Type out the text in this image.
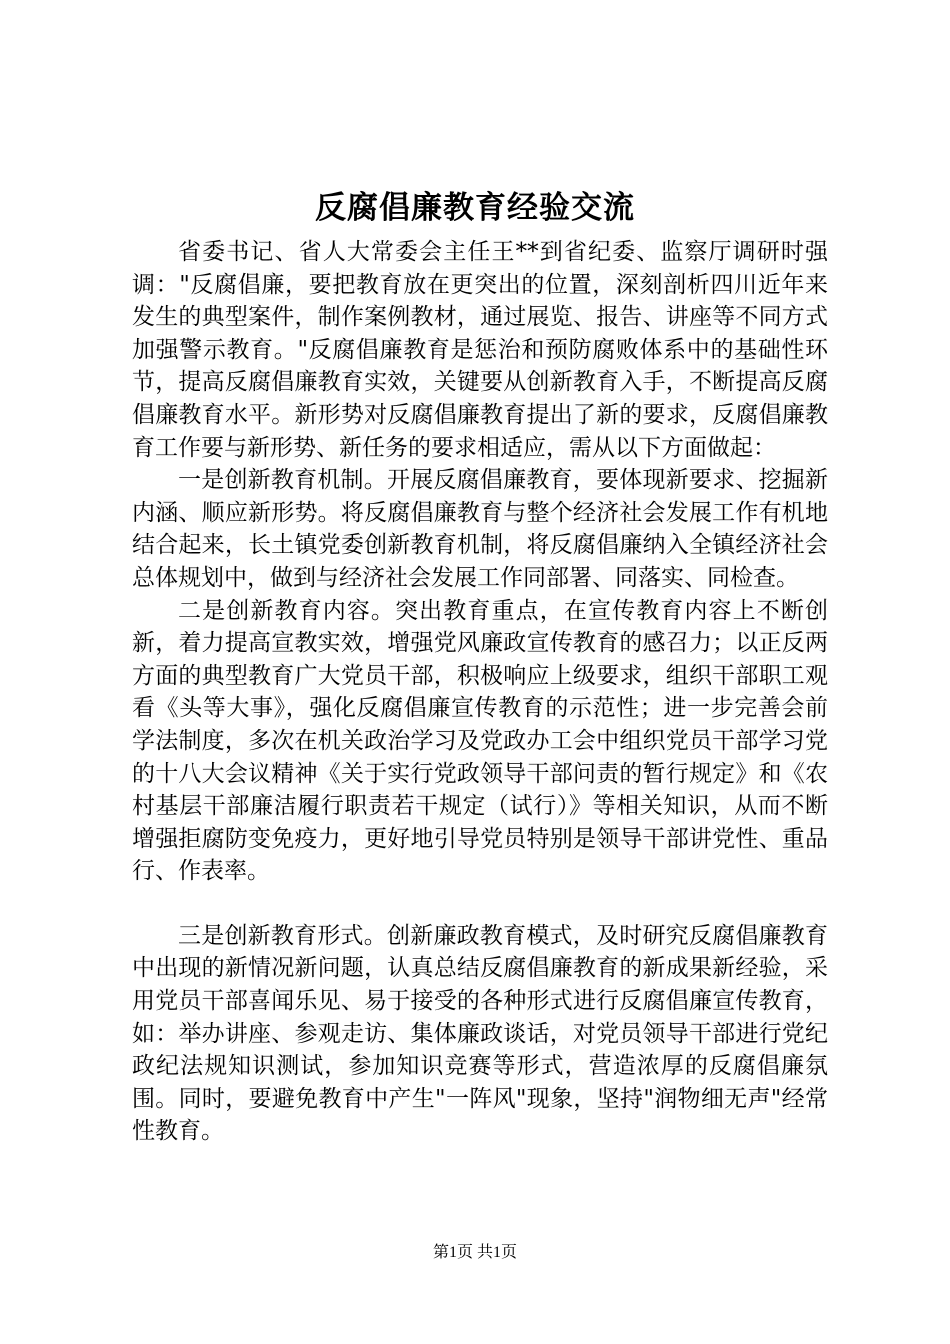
反腐倡廉教育经验交流

省委书记、省人大常委会主任王**到省纪委、监察厅调研时强调："反腐倡廉，要把教育放在更突出的位置，深刻剖析四川近年来发生的典型案件，制作案例教材，通过展览、报告、讲座等不同方式加强警示教育。"反腐倡廉教育是惩治和预防腐败体系中的基础性环节，提高反腐倡廉教育实效，关键要从创新教育入手，不断提高反腐倡廉教育水平。新形势对反腐倡廉教育提出了新的要求，反腐倡廉教育工作要与新形势、新任务的要求相适应，需从以下方面做起：

一是创新教育机制。开展反腐倡廉教育，要体现新要求、挖掘新内涵、顺应新形势。将反腐倡廉教育与整个经济社会发展工作有机地结合起来，长土镇党委创新教育机制，将反腐倡廉纳入全镇经济社会总体规划中，做到与经济社会发展工作同部署、同落实、同检查。

二是创新教育内容。突出教育重点，在宣传教育内容上不断创新，着力提高宣教实效，增强党风廉政宣传教育的感召力；以正反两方面的典型教育广大党员干部，积极响应上级要求，组织干部职工观看《头等大事》，强化反腐倡廉宣传教育的示范性；进一步完善会前学法制度，多次在机关政治学习及党政办工会中组织党员干部学习党的十八大会议精神《关于实行党政领导干部问责的暂行规定》和《农村基层干部廉洁履行职责若干规定（试行）》等相关知识，从而不断增强拒腐防变免疫力，更好地引导党员特别是领导干部讲党性、重品行、作表率。

三是创新教育形式。创新廉政教育模式，及时研究反腐倡廉教育中出现的新情况新问题，认真总结反腐倡廉教育的新成果新经验，采用党员干部喜闻乐见、易于接受的各种形式进行反腐倡廉宣传教育，如：举办讲座、参观走访、集体廉政谈话，对党员领导干部进行党纪政纪法规知识测试，参加知识竞赛等形式，营造浓厚的反腐倡廉氛围。同时，要避免教育中产生"一阵风"现象，坚持"润物细无声"经常性教育。

第1页 共1页
